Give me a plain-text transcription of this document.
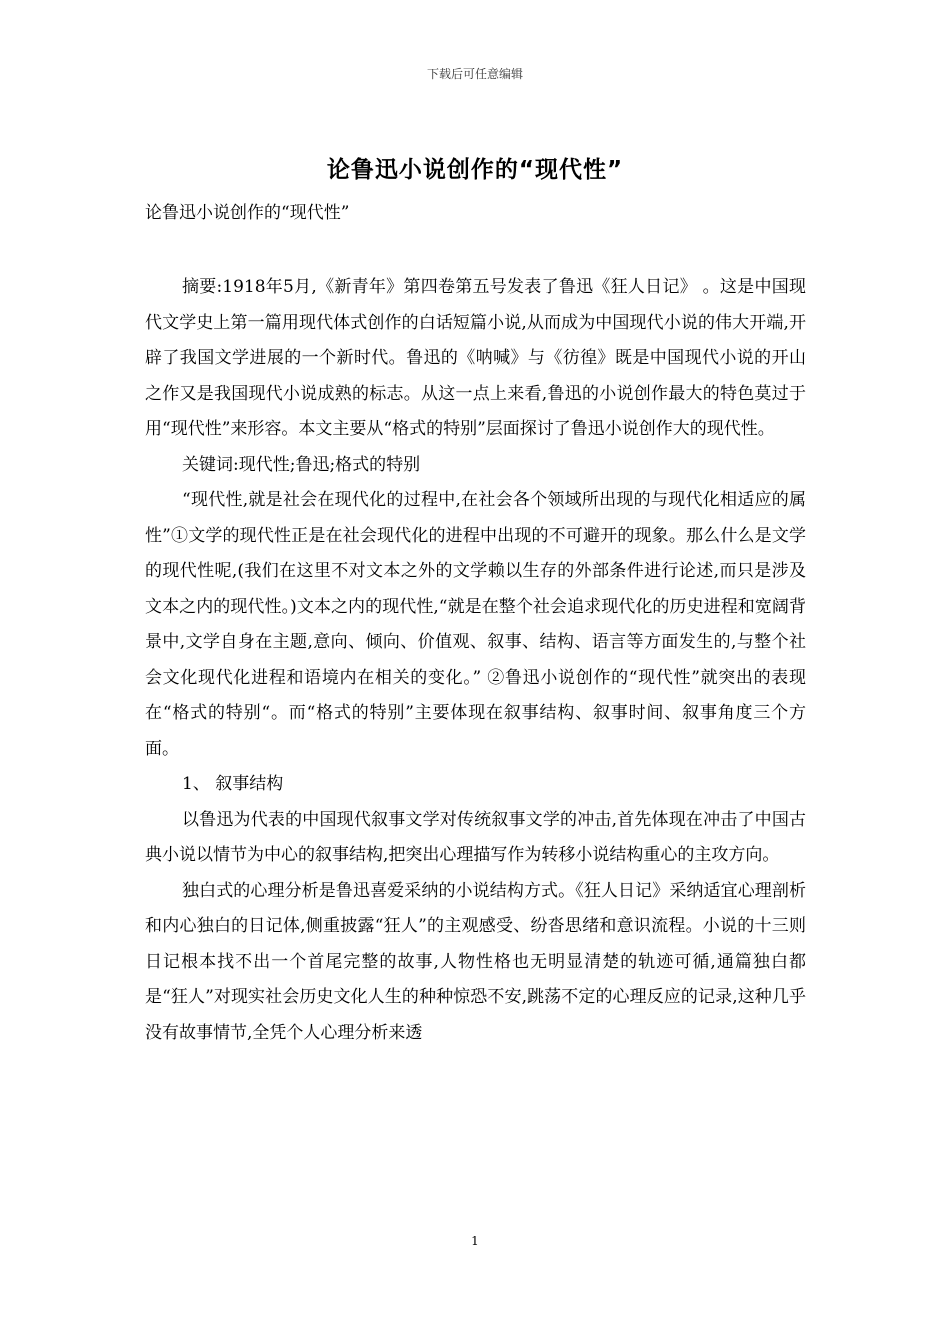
下载后可任意编辑
论鲁迅小说创作的“现代性”
论鲁迅小说创作的“现代性”

摘要:1918年5月,《新青年》第四卷第五号发表了鲁迅《狂人日记》 。这是中国现代文学史上第一篇用现代体式创作的白话短篇小说,从而成为中国现代小说的伟大开端,开辟了我国文学进展的一个新时代。鲁迅的《呐喊》与《彷徨》既是中国现代小说的开山之作又是我国现代小说成熟的标志。从这一点上来看,鲁迅的小说创作最大的特色莫过于用“现代性”来形容。本文主要从“格式的特别”层面探讨了鲁迅小说创作大的现代性。

关键词:现代性;鲁迅;格式的特别

“现代性,就是社会在现代化的过程中,在社会各个领域所出现的与现代化相适应的属性”①文学的现代性正是在社会现代化的进程中出现的不可避开的现象。那么什么是文学的现代性呢,(我们在这里不对文本之外的文学赖以生存的外部条件进行论述,而只是涉及文本之内的现代性。)文本之内的现代性,“就是在整个社会追求现代化的历史进程和宽阔背景中,文学自身在主题,意向、倾向、价值观、叙事、结构、语言等方面发生的,与整个社会文化现代化进程和语境内在相关的变化。” ②鲁迅小说创作的“现代性”就突出的表现在“格式的特别“。而“格式的特别”主要体现在叙事结构、叙事时间、叙事角度三个方面。

1、 叙事结构

以鲁迅为代表的中国现代叙事文学对传统叙事文学的冲击,首先体现在冲击了中国古典小说以情节为中心的叙事结构,把突出心理描写作为转移小说结构重心的主攻方向。

独白式的心理分析是鲁迅喜爱采纳的小说结构方式。《狂人日记》采纳适宜心理剖析和内心独白的日记体,侧重披露“狂人”的主观感受、纷沓思绪和意识流程。小说的十三则日记根本找不出一个首尾完整的故事,人物性格也无明显清楚的轨迹可循,通篇独白都是“狂人”对现实社会历史文化人生的种种惊恐不安,跳荡不定的心理反应的记录,这种几乎没有故事情节,全凭个人心理分析来透

1
